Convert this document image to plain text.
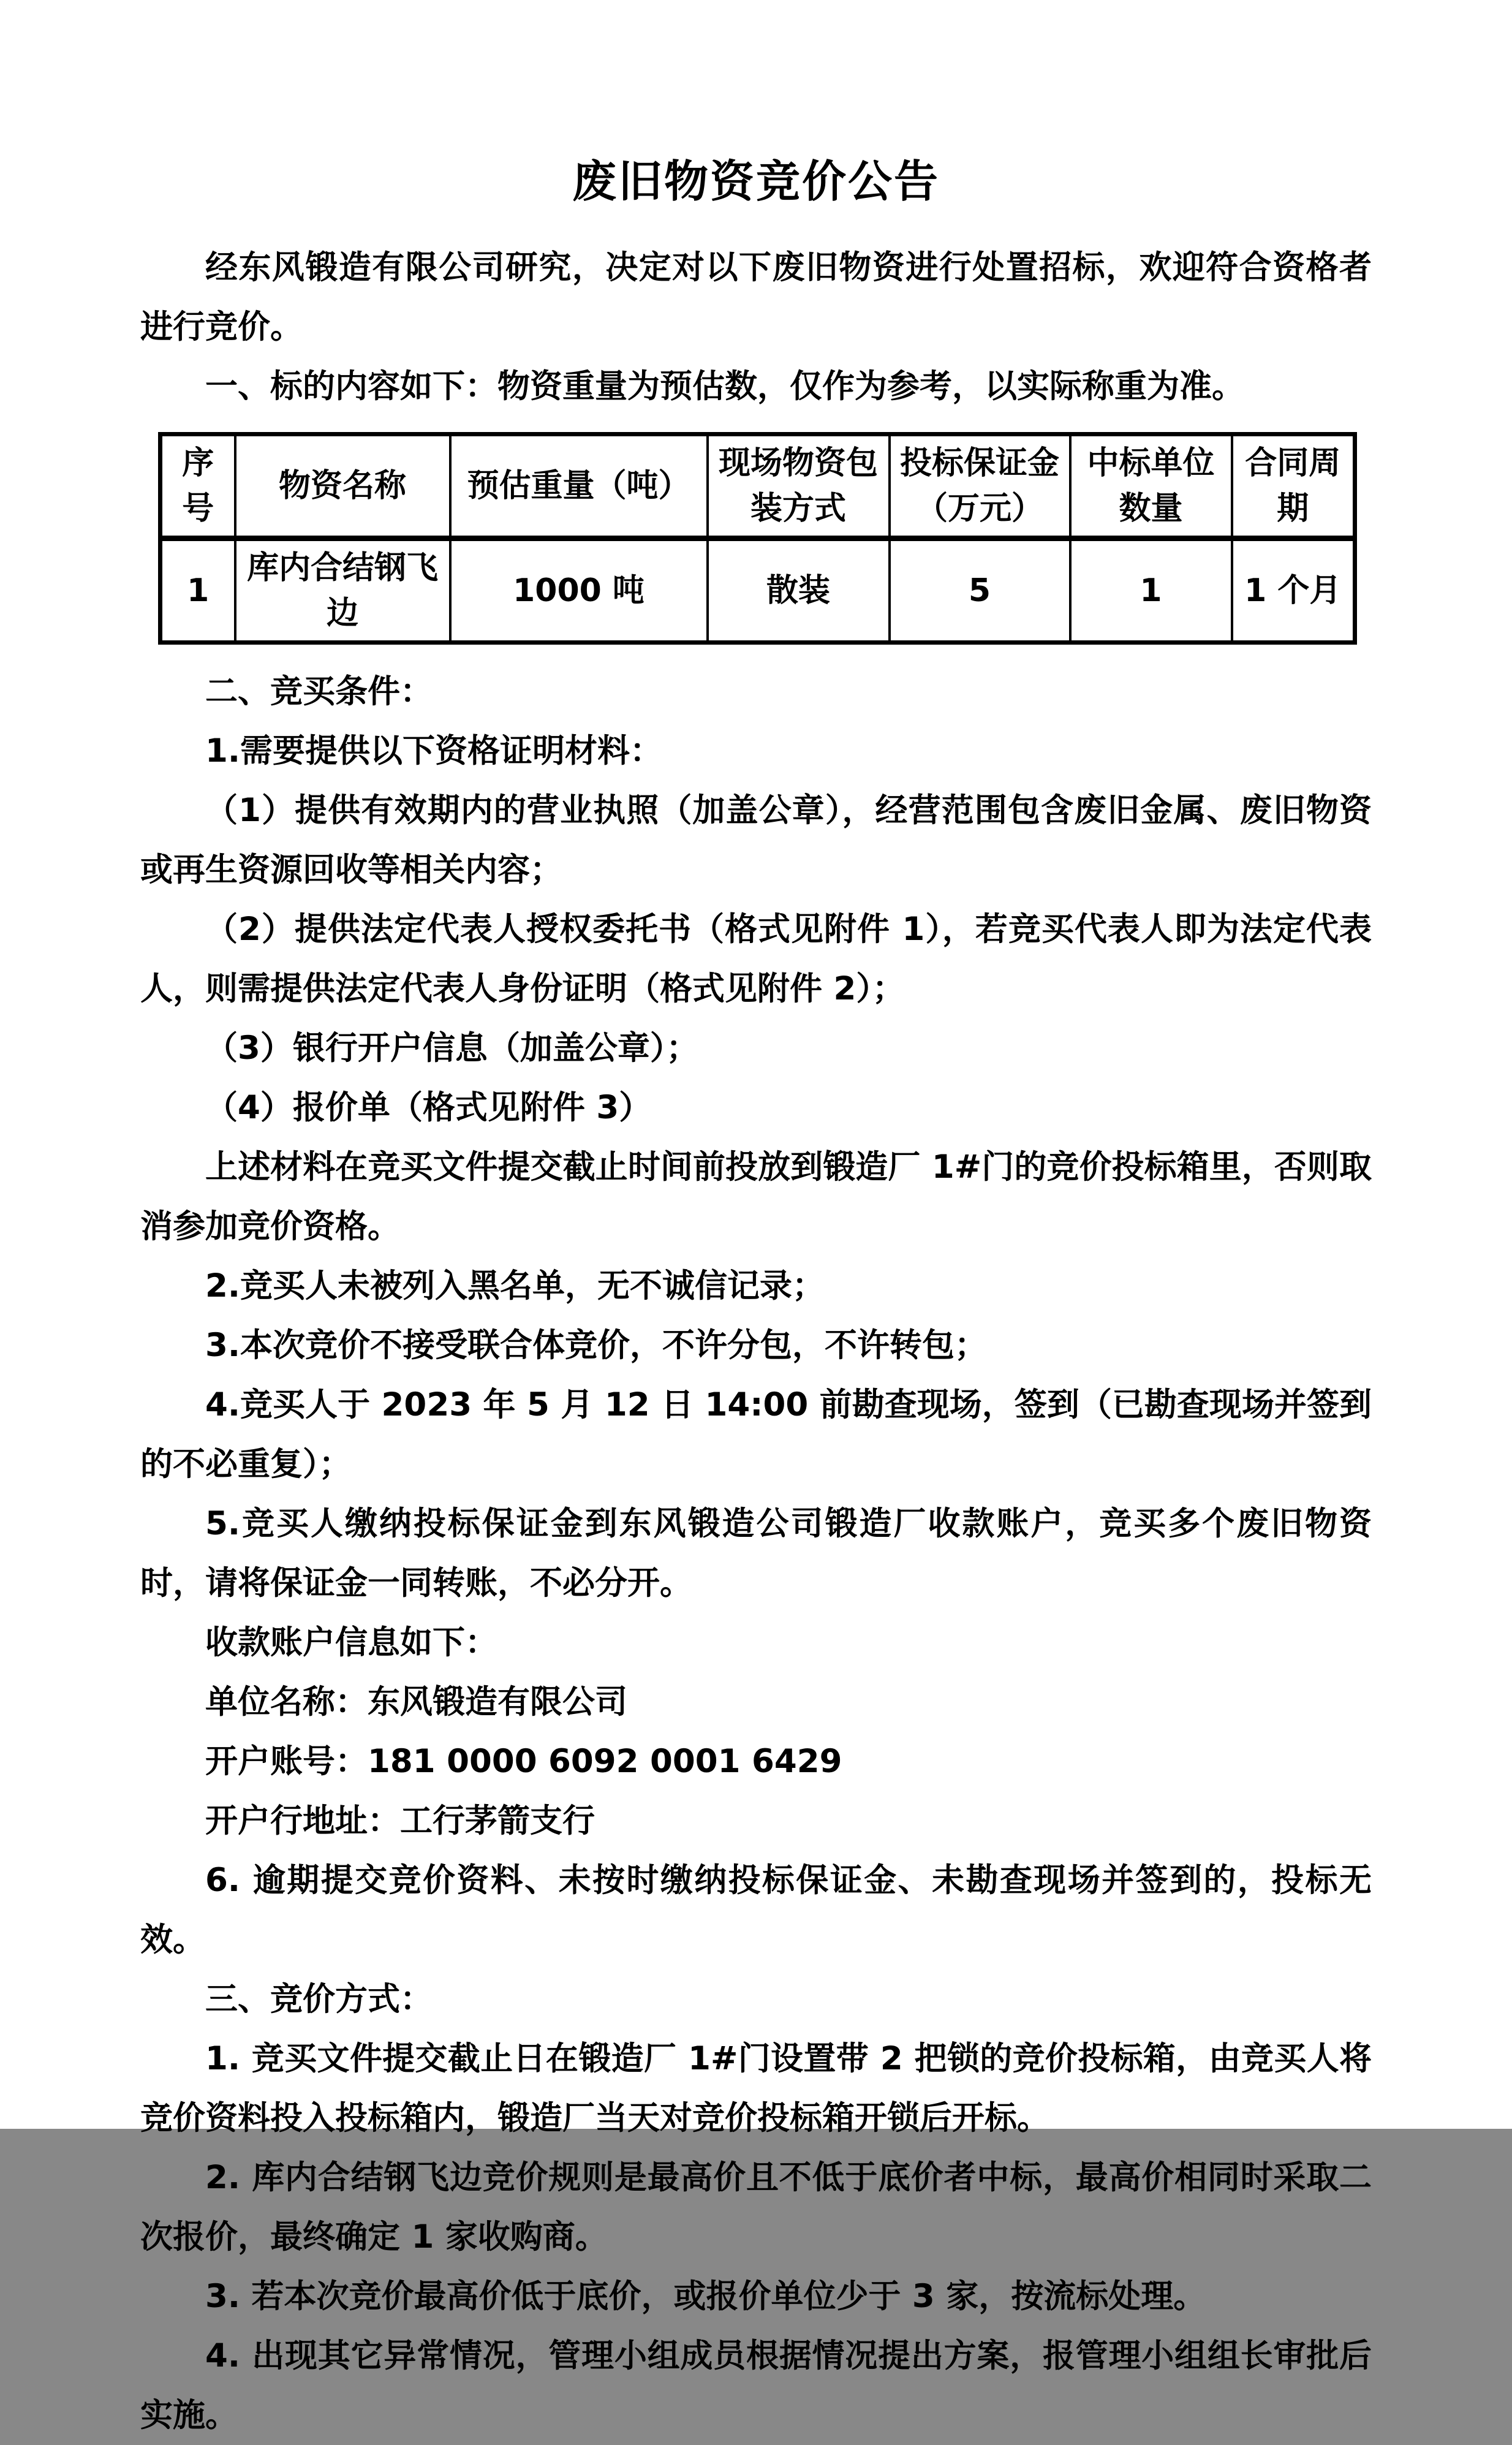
废旧物资竞价公告

经东风锻造有限公司研究，决定对以下废旧物资进行处置招标，欢迎符合资格者进行竞价。

一、标的内容如下：物资重量为预估数，仅作为参考，以实际称重为准。

序号	物资名称	预估重量（吨）	现场物资包装方式	投标保证金（万元）	中标单位数量	合同周期
1	库内合结钢飞边	1000 吨	散装	5	1	1 个月

二、竞买条件：

1.需要提供以下资格证明材料：

（1）提供有效期内的营业执照（加盖公章），经营范围包含废旧金属、废旧物资或再生资源回收等相关内容；

（2）提供法定代表人授权委托书（格式见附件 1），若竞买代表人即为法定代表人，则需提供法定代表人身份证明（格式见附件 2）；

（3）银行开户信息（加盖公章）；

（4）报价单（格式见附件 3）

上述材料在竞买文件提交截止时间前投放到锻造厂 1#门的竞价投标箱里，否则取消参加竞价资格。

2.竞买人未被列入黑名单，无不诚信记录；

3.本次竞价不接受联合体竞价，不许分包，不许转包；

4.竞买人于 2023 年 5 月 12 日 14:00 前勘查现场，签到（已勘查现场并签到的不必重复）；

5.竞买人缴纳投标保证金到东风锻造公司锻造厂收款账户，竞买多个废旧物资时，请将保证金一同转账，不必分开。

收款账户信息如下：

单位名称：东风锻造有限公司

开户账号：181 0000 6092 0001 6429

开户行地址：工行茅箭支行

6. 逾期提交竞价资料、未按时缴纳投标保证金、未勘查现场并签到的，投标无效。

三、竞价方式：

1. 竞买文件提交截止日在锻造厂 1#门设置带 2 把锁的竞价投标箱，由竞买人将竞价资料投入投标箱内，锻造厂当天对竞价投标箱开锁后开标。

2. 库内合结钢飞边竞价规则是最高价且不低于底价者中标，最高价相同时采取二次报价，最终确定 1 家收购商。

3. 若本次竞价最高价低于底价，或报价单位少于 3 家，按流标处理。

4. 出现其它异常情况，管理小组成员根据情况提出方案，报管理小组组长审批后实施。
